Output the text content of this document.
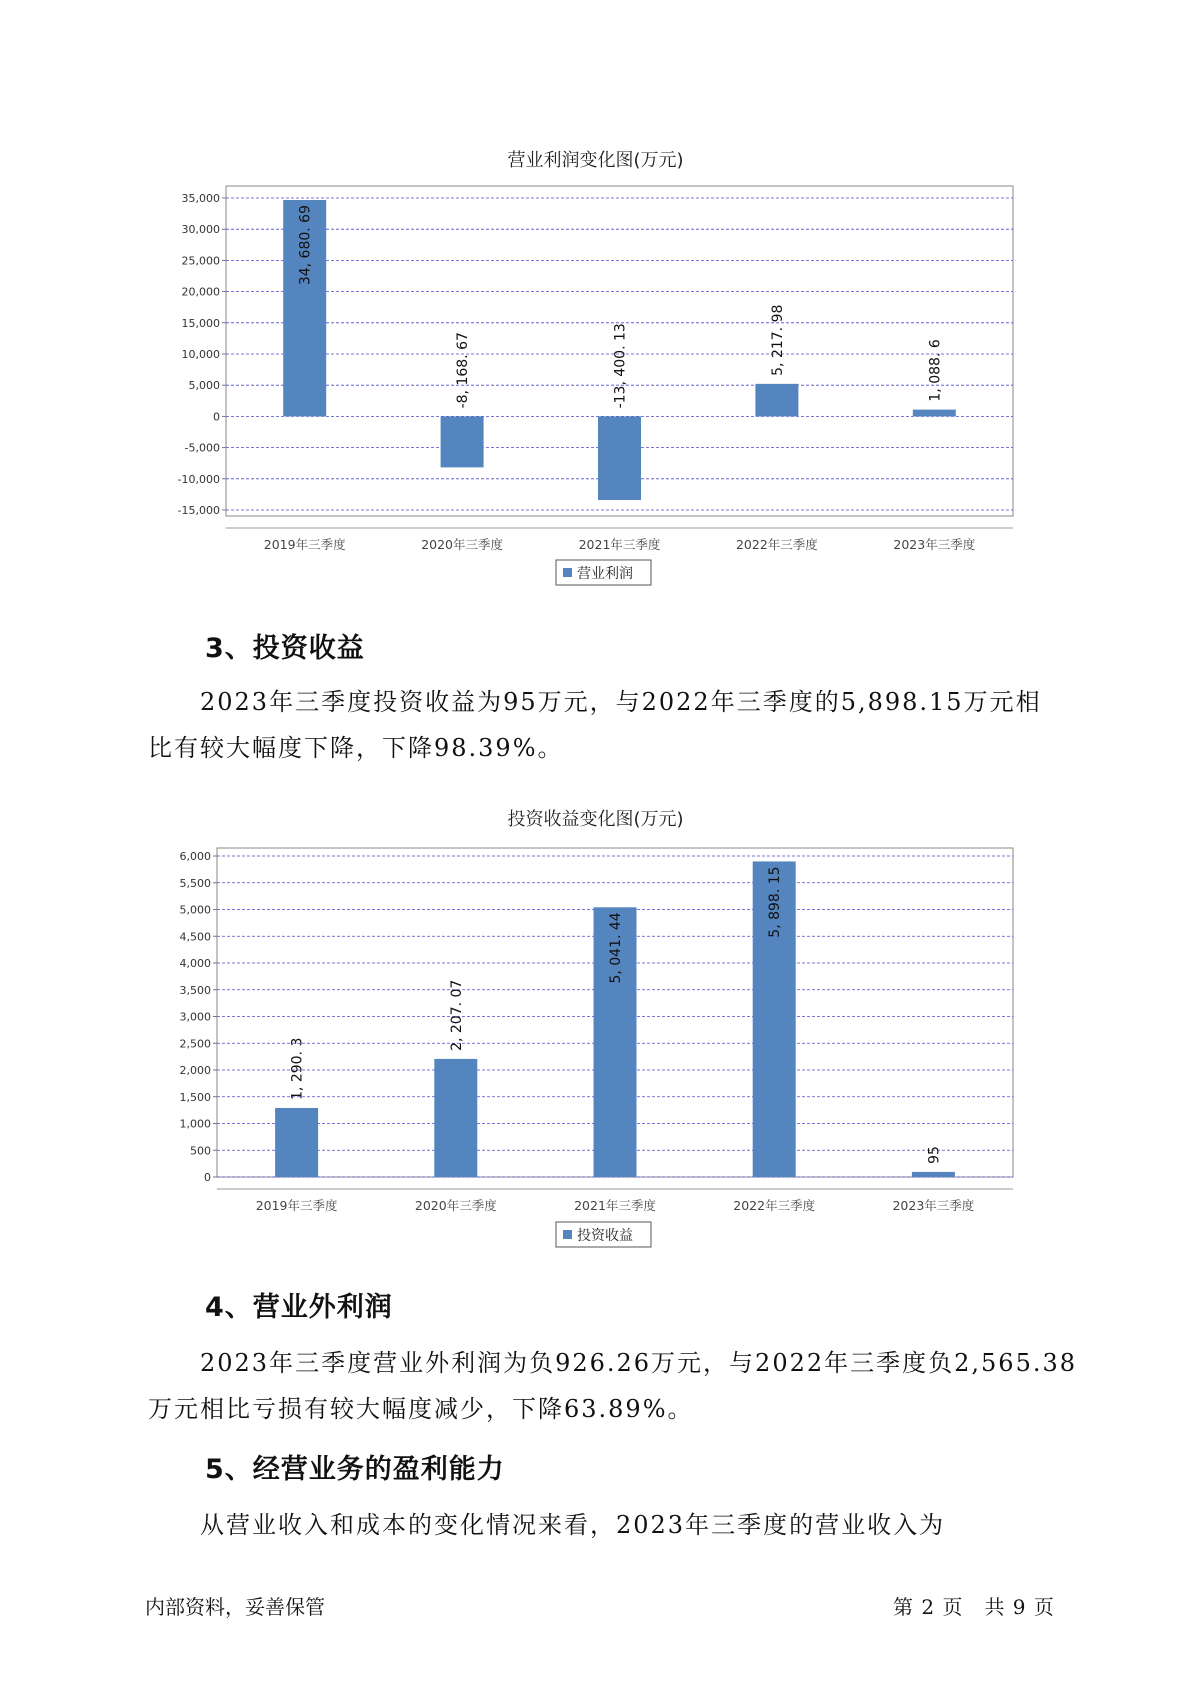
营业利润变化图(万元)
35,000
30,000
25,000
20,000
15,000
10,000
5,000
0
-5,000
-10,000
-15,000
34, 680. 69
2019年三季度
-8, 168. 67
2020年三季度
-13, 400. 13
2021年三季度
5, 217. 98
2022年三季度
1, 088. 6
2023年三季度
营业利润
3、投资收益
2023年三季度投资收益为95万元，与2022年三季度的5,898.15万元相
比有较大幅度下降，下降98.39%。
投资收益变化图(万元)
6,000
5,500
5,000
4,500
4,000
3,500
3,000
2,500
2,000
1,500
1,000
500
0
1, 290. 3
2019年三季度
2, 207. 07
2020年三季度
5, 041. 44
2021年三季度
5, 898. 15
2022年三季度
95
2023年三季度
投资收益
4、营业外利润
2023年三季度营业外利润为负926.26万元，与2022年三季度负2,565.38
万元相比亏损有较大幅度减少，下降63.89%。
5、经营业务的盈利能力
从营业收入和成本的变化情况来看，2023年三季度的营业收入为
内部资料，妥善保管	第 2 页　共 9 页
